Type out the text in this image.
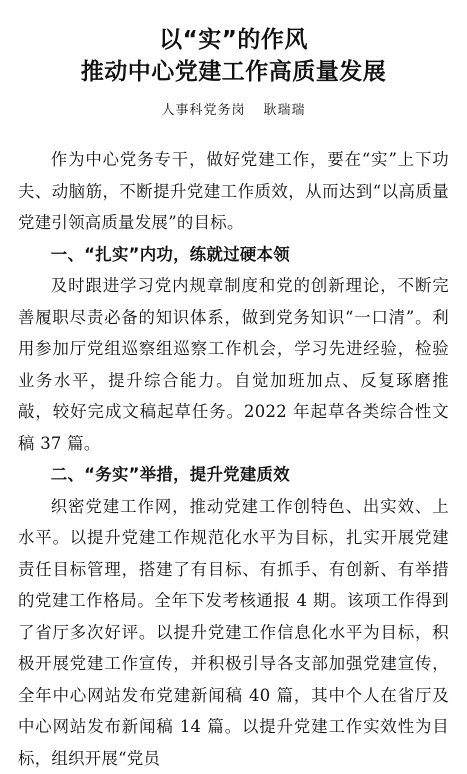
以“实”的作风
推动中心党建工作高质量发展
人事科党务岗 耿瑞瑞

作为中心党务专干，做好党建工作，要在“实”上下功夫、动脑筋，不断提升党建工作质效，从而达到“以高质量党建引领高质量发展”的目标。

一、“扎实”内功，练就过硬本领

及时跟进学习党内规章制度和党的创新理论，不断完善履职尽责必备的知识体系，做到党务知识“一口清”。利用参加厅党组巡察组巡察工作机会，学习先进经验，检验业务水平，提升综合能力。自觉加班加点、反复琢磨推敲，较好完成文稿起草任务。2022 年起草各类综合性文稿 37 篇。

二、“务实”举措，提升党建质效

织密党建工作网，推动党建工作创特色、出实效、上水平。以提升党建工作规范化水平为目标，扎实开展党建责任目标管理，搭建了有目标、有抓手、有创新、有举措的党建工作格局。全年下发考核通报 4 期。该项工作得到了省厅多次好评。以提升党建工作信息化水平为目标，积极开展党建工作宣传，并积极引导各支部加强党建宣传，全年中心网站发布党建新闻稿 40 篇，其中个人在省厅及中心网站发布新闻稿 14 篇。以提升党建工作实效性为目标，组织开展“党员
